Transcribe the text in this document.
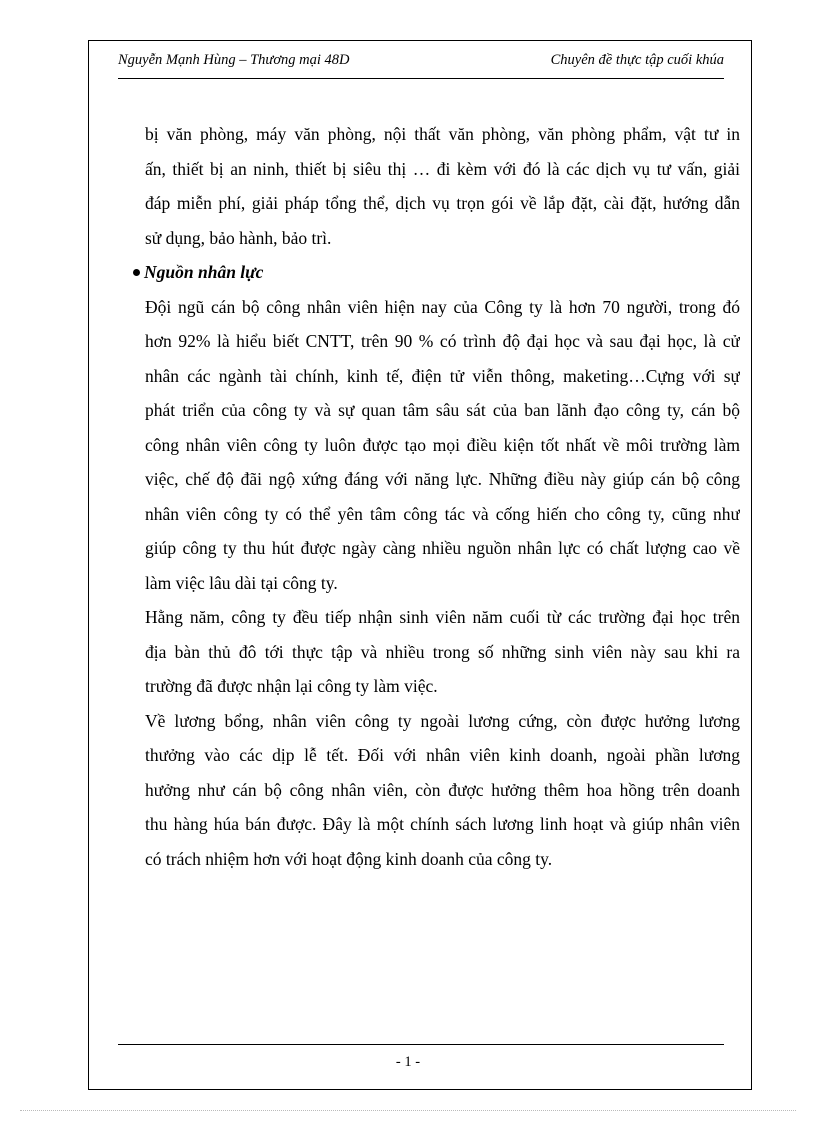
Nguyễn Mạnh Hùng – Thương mại 48D	Chuyên đề thực tập cuối khúa
bị văn phòng, máy văn phòng, nội thất văn phòng, văn phòng phẩm, vật tư in
ấn, thiết bị an ninh, thiết bị siêu thị … đi kèm với đó là các dịch vụ tư vấn, giải
đáp miễn phí, giải pháp tổng thể, dịch vụ trọn gói về lắp đặt, cài đặt, hướng dẫn
sử dụng, bảo hành, bảo trì.
Nguồn nhân lực
Đội ngũ cán bộ công nhân viên hiện nay của Công ty là hơn 70 người, trong đó
hơn 92% là hiểu biết CNTT, trên 90 % có trình độ đại học và sau đại học, là cử
nhân các ngành tài chính, kinh tế, điện tử viễn thông, maketing…Cựng với sự
phát triển của công ty và sự quan tâm sâu sát của ban lãnh đạo công ty, cán bộ
công nhân viên công ty luôn được tạo mọi điều kiện tốt nhất về môi trường làm
việc, chế độ đãi ngộ xứng đáng với năng lực. Những điều này giúp cán bộ công
nhân viên công ty có thể yên tâm công tác và cống hiến cho công ty, cũng như
giúp công ty thu hút được ngày càng nhiều nguồn nhân lực có chất lượng cao về
làm việc lâu dài tại công ty.
Hằng năm, công ty đều tiếp nhận sinh viên năm cuối từ các trường đại học trên
địa bàn thủ đô tới thực tập và nhiều trong số những sinh viên này sau khi ra
trường đã được nhận lại công ty làm việc.
Về lương bổng, nhân viên công ty ngoài lương cứng, còn được hưởng lương
thưởng vào các dịp lễ tết. Đối với nhân viên kinh doanh, ngoài phần lương
hưởng như cán bộ công nhân viên, còn được hưởng thêm hoa hồng trên doanh
thu hàng húa bán được. Đây là một chính sách lương linh hoạt và giúp nhân viên
có trách nhiệm hơn với hoạt động kinh doanh của công ty.
- 1 -
